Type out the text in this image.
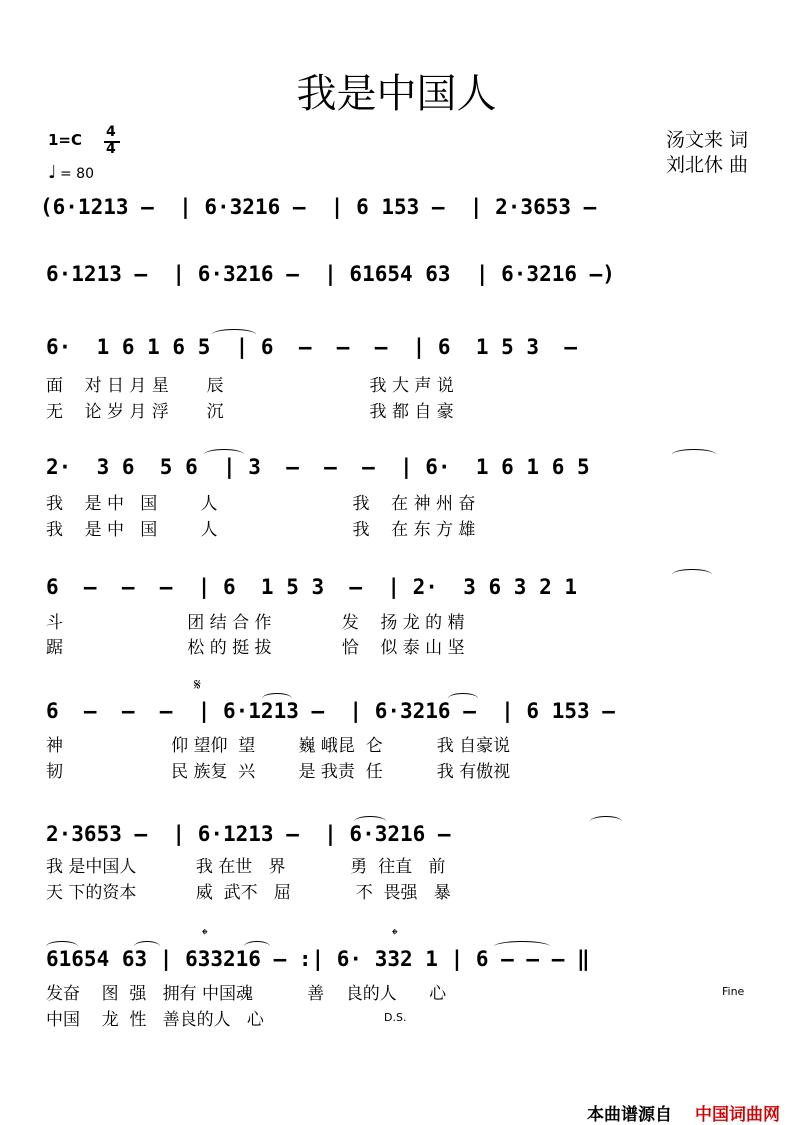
我是中国人
汤文来 词
刘北休 曲
1=C 4
4
♩ = 80
(6·1213 –  | 6·3216 –  | 6 153 –  | 2·3653 –
6·1213 –  | 6·3216 –  | 61654 63  | 6·3216 –)
6·  1 6 1 6 5  | 6  –  –  –  | 6  1 5 3  –
面    对 日 月 星       辰                           我 大 声 说
无    论 岁 月 浮       沉                           我 都 自 豪
2·  3 6  5 6  | 3  –  –  –  | 6·  1 6 1 6 5
我    是 中   国        人                         我    在 神 州 奋
我    是 中   国        人                         我    在 东 方 雄
6  –  –  –  | 6  1 5 3  –  | 2·  3 6 3 2 1
斗                       团 结 合 作             发    扬 龙 的 精
踞                       松 的 挺 拔             恰    似 泰 山 坚
𝄋
6  –  –  –  | 6·1213 –  | 6·3216 –  | 6 153 –
神                    仰 望仰  望        巍 峨昆  仑          我 自豪说
韧                    民 族复  兴        是 我责  任          我 有傲视
2·3653 –  | 6·1213 –  | 6·3216 –
我 是中国人           我 在世   界            勇  往直   前
天 下的资本           威  武不   屈            不  畏强   暴
𝄌	𝄌
61654 63 | 633216 – :| 6· 332 1 | 6 – – – ‖
发奋    图  强   拥有 中国魂          善    良的人      心
中国    龙  性   善良的人   心
Fine
D.S.
本曲谱源自 中国词曲网
